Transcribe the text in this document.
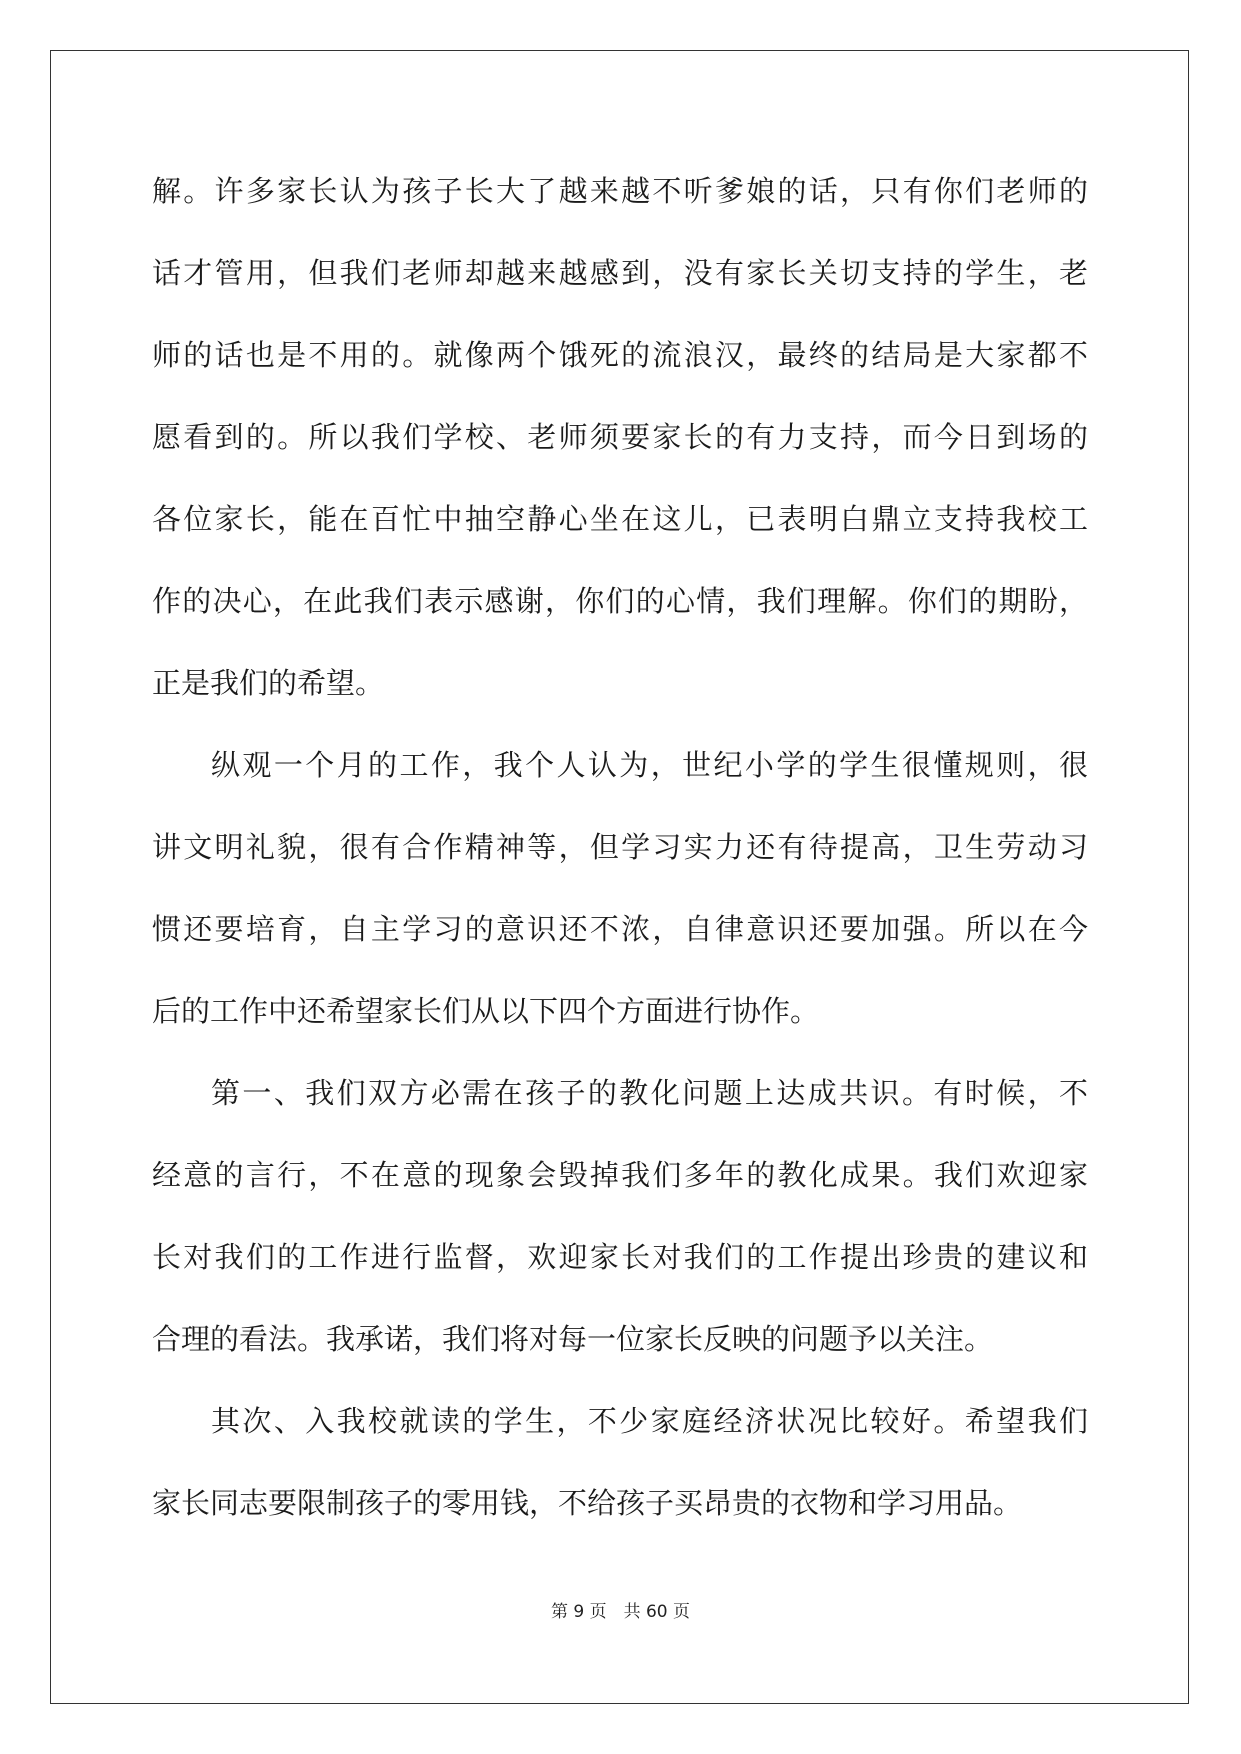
解。许多家长认为孩子长大了越来越不听爹娘的话，只有你们老师的

话才管用，但我们老师却越来越感到，没有家长关切支持的学生，老

师的话也是不用的。就像两个饿死的流浪汉，最终的结局是大家都不

愿看到的。所以我们学校、老师须要家长的有力支持，而今日到场的

各位家长，能在百忙中抽空静心坐在这儿，已表明白鼎立支持我校工

作的决心，在此我们表示感谢，你们的心情，我们理解。你们的期盼，

正是我们的希望。

纵观一个月的工作，我个人认为，世纪小学的学生很懂规则，很

讲文明礼貌，很有合作精神等，但学习实力还有待提高，卫生劳动习

惯还要培育，自主学习的意识还不浓，自律意识还要加强。所以在今

后的工作中还希望家长们从以下四个方面进行协作。

第一、我们双方必需在孩子的教化问题上达成共识。有时候，不

经意的言行，不在意的现象会毁掉我们多年的教化成果。我们欢迎家

长对我们的工作进行监督，欢迎家长对我们的工作提出珍贵的建议和

合理的看法。我承诺，我们将对每一位家长反映的问题予以关注。

其次、入我校就读的学生，不少家庭经济状况比较好。希望我们

家长同志要限制孩子的零用钱，不给孩子买昂贵的衣物和学习用品。

第 9 页　共 60 页
